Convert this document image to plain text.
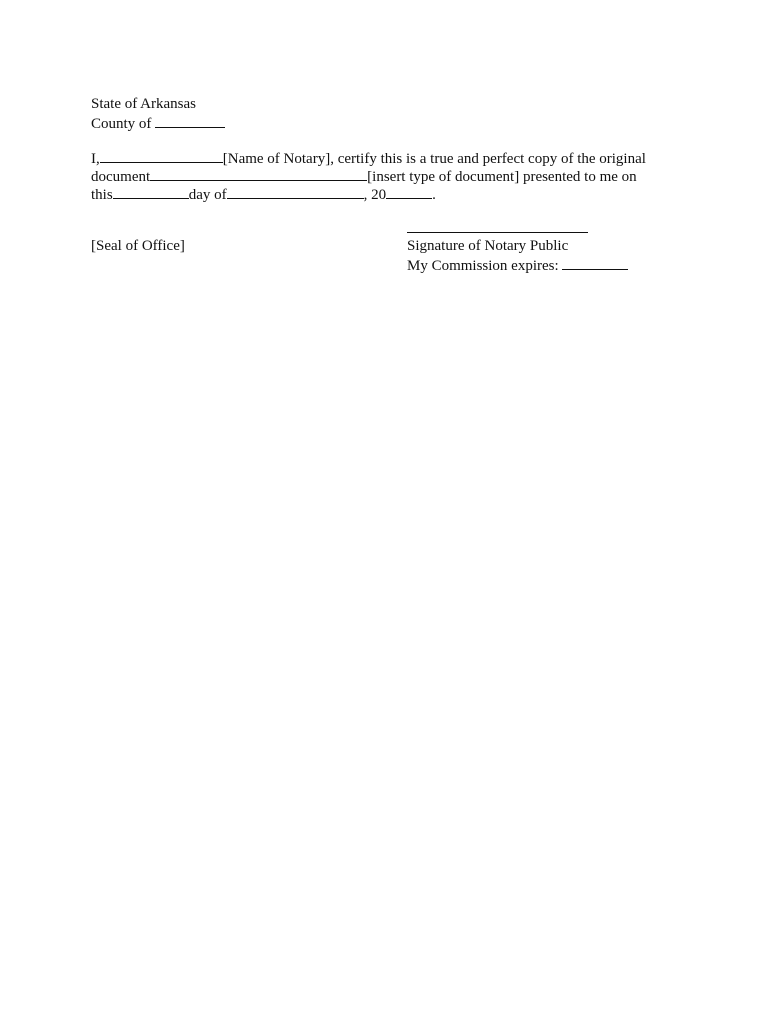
State of Arkansas
County of
I,	[Name of Notary], certify this is a true and perfect copy of the original
document	[insert type of document] presented to me on
this	day of	, 20	.
[Seal of Office]	Signature of Notary Public
My Commission expires:
